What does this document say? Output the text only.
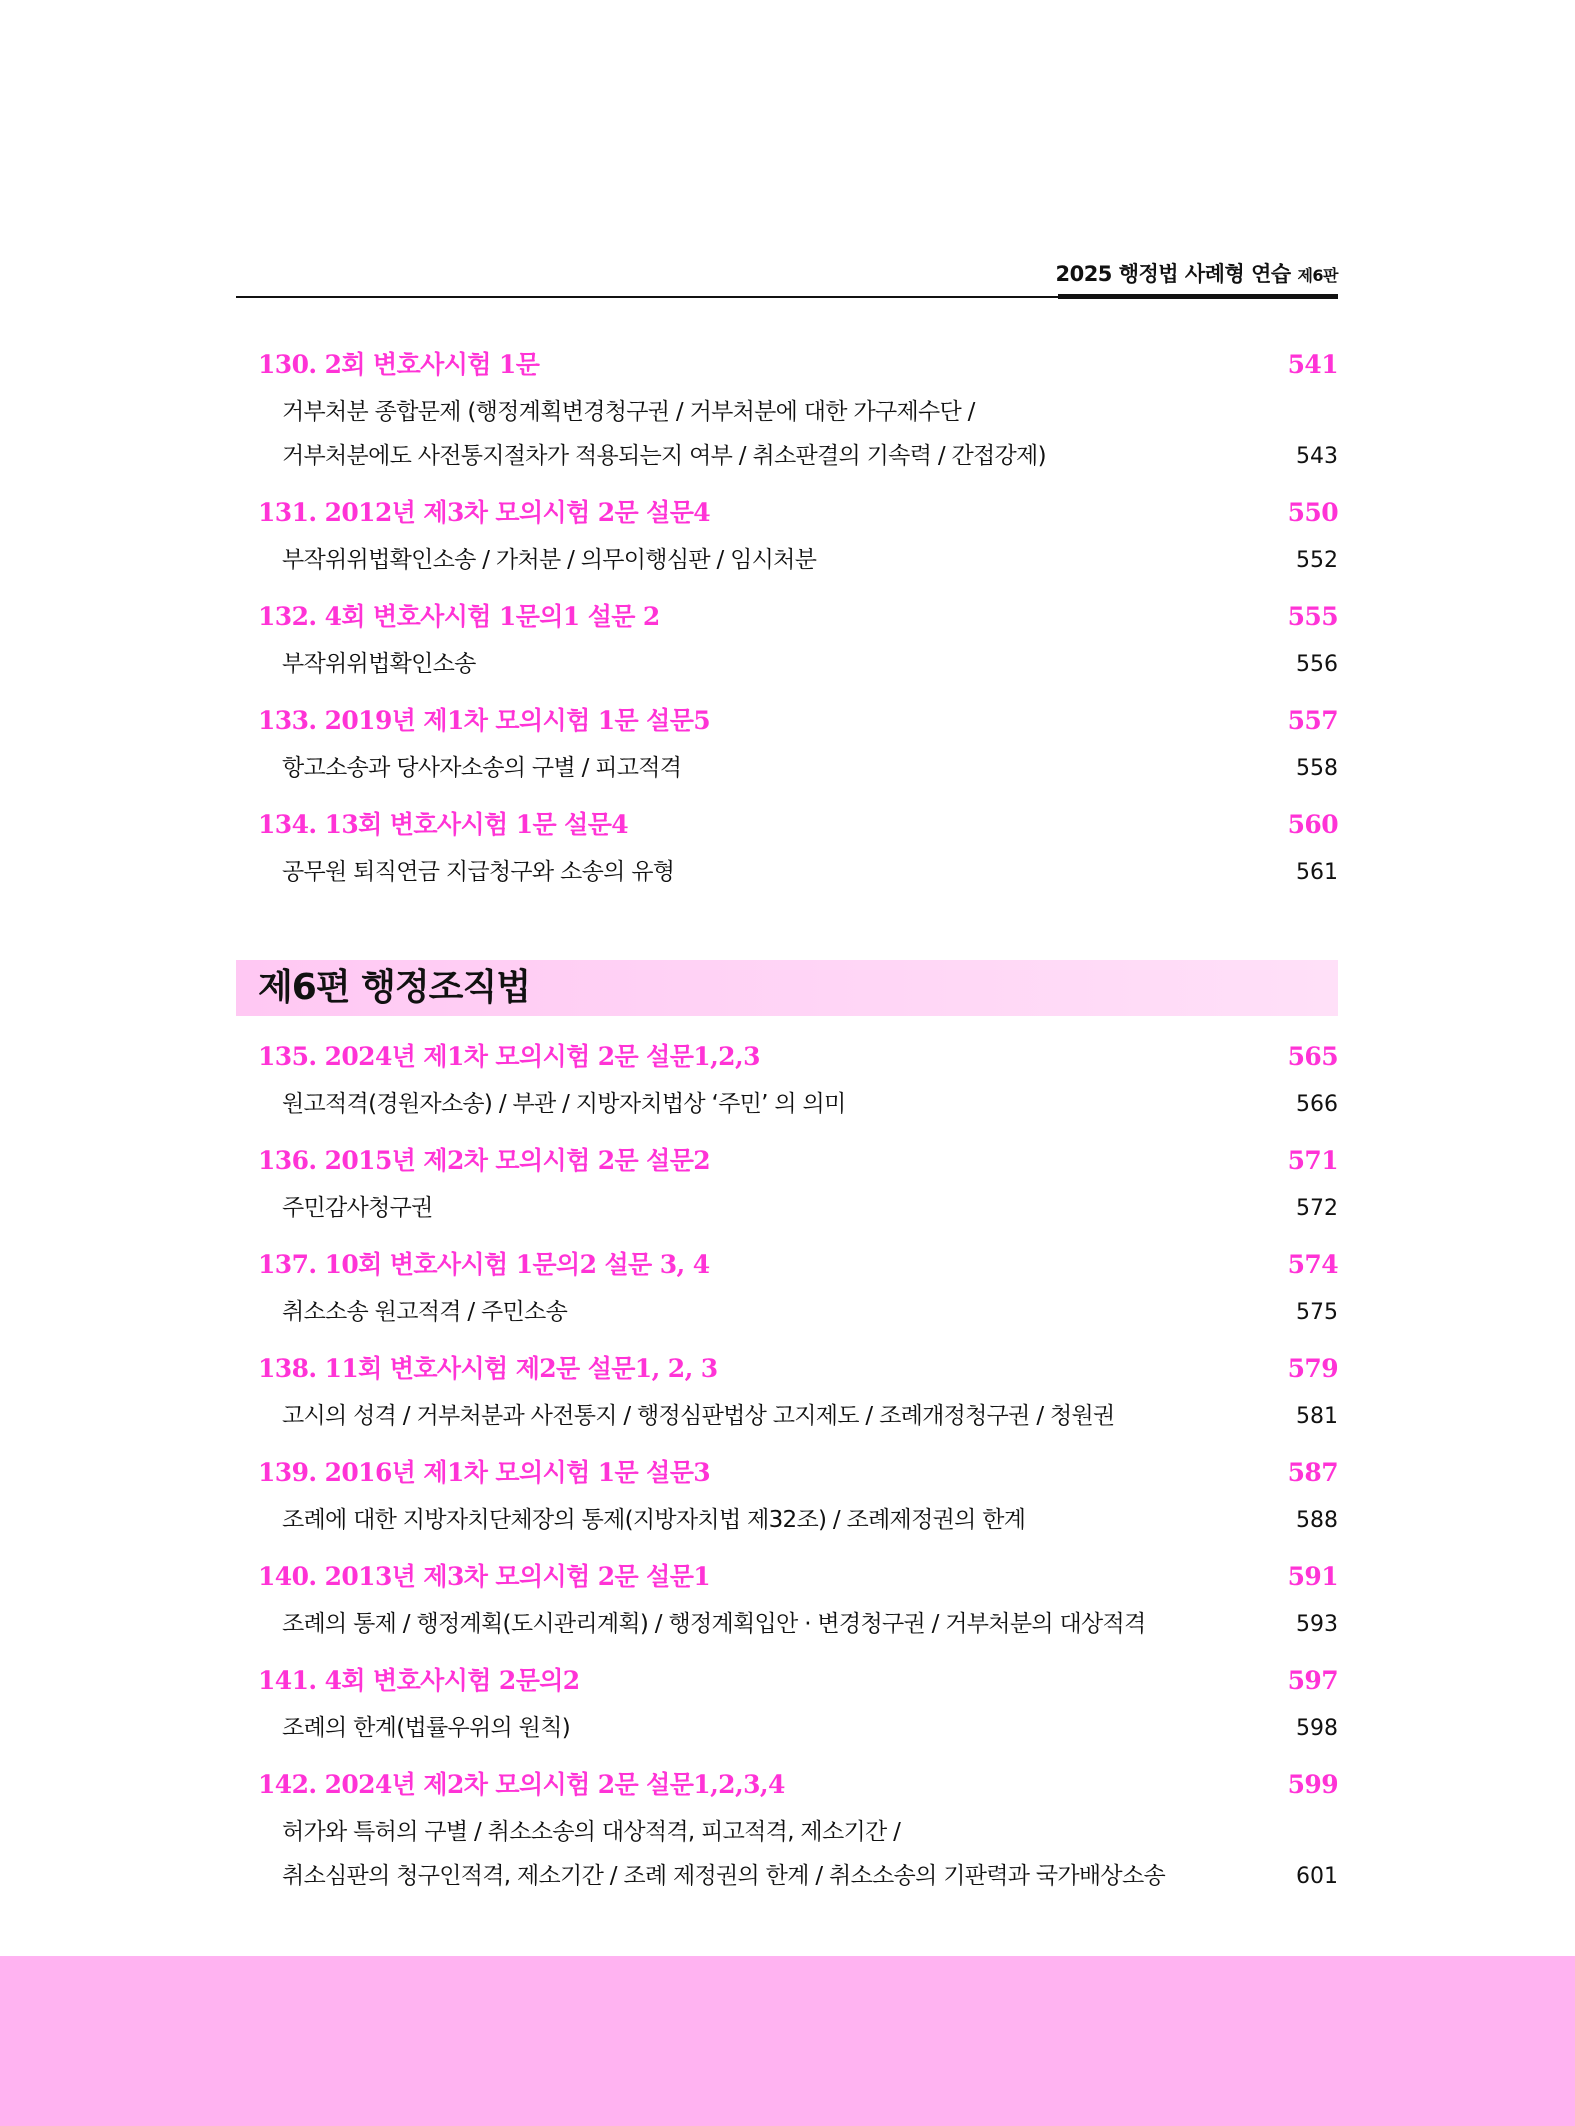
2025 행정법 사례형 연습 제6판
130. 2회 변호사시험 1문	541
거부처분 종합문제 (행정계획변경청구권 / 거부처분에 대한 가구제수단 /
거부처분에도 사전통지절차가 적용되는지 여부 / 취소판결의 기속력 / 간접강제)	543
131. 2012년 제3차 모의시험 2문 설문4	550
부작위위법확인소송 / 가처분 / 의무이행심판 / 임시처분	552
132. 4회 변호사시험 1문의1 설문 2	555
부작위위법확인소송	556
133. 2019년 제1차 모의시험 1문 설문5	557
항고소송과 당사자소송의 구별 / 피고적격	558
134. 13회 변호사시험 1문 설문4	560
공무원 퇴직연금 지급청구와 소송의 유형	561
제6편 행정조직법
135. 2024년 제1차 모의시험 2문 설문1,2,3	565
원고적격(경원자소송) / 부관 / 지방자치법상 ‘주민’ 의 의미	566
136. 2015년 제2차 모의시험 2문 설문2	571
주민감사청구권	572
137. 10회 변호사시험 1문의2 설문 3, 4	574
취소소송 원고적격 / 주민소송	575
138. 11회 변호사시험 제2문 설문1, 2, 3	579
고시의 성격 / 거부처분과 사전통지 / 행정심판법상 고지제도 / 조례개정청구권 / 청원권	581
139. 2016년 제1차 모의시험 1문 설문3	587
조례에 대한 지방자치단체장의 통제(지방자치법 제32조) / 조례제정권의 한계	588
140. 2013년 제3차 모의시험 2문 설문1	591
조례의 통제 / 행정계획(도시관리계획) / 행정계획입안 · 변경청구권 / 거부처분의 대상적격	593
141. 4회 변호사시험 2문의2	597
조례의 한계(법률우위의 원칙)	598
142. 2024년 제2차 모의시험 2문 설문1,2,3,4	599
허가와 특허의 구별 / 취소소송의 대상적격, 피고적격, 제소기간 /
취소심판의 청구인적격, 제소기간 / 조례 제정권의 한계 / 취소소송의 기판력과 국가배상소송	601
